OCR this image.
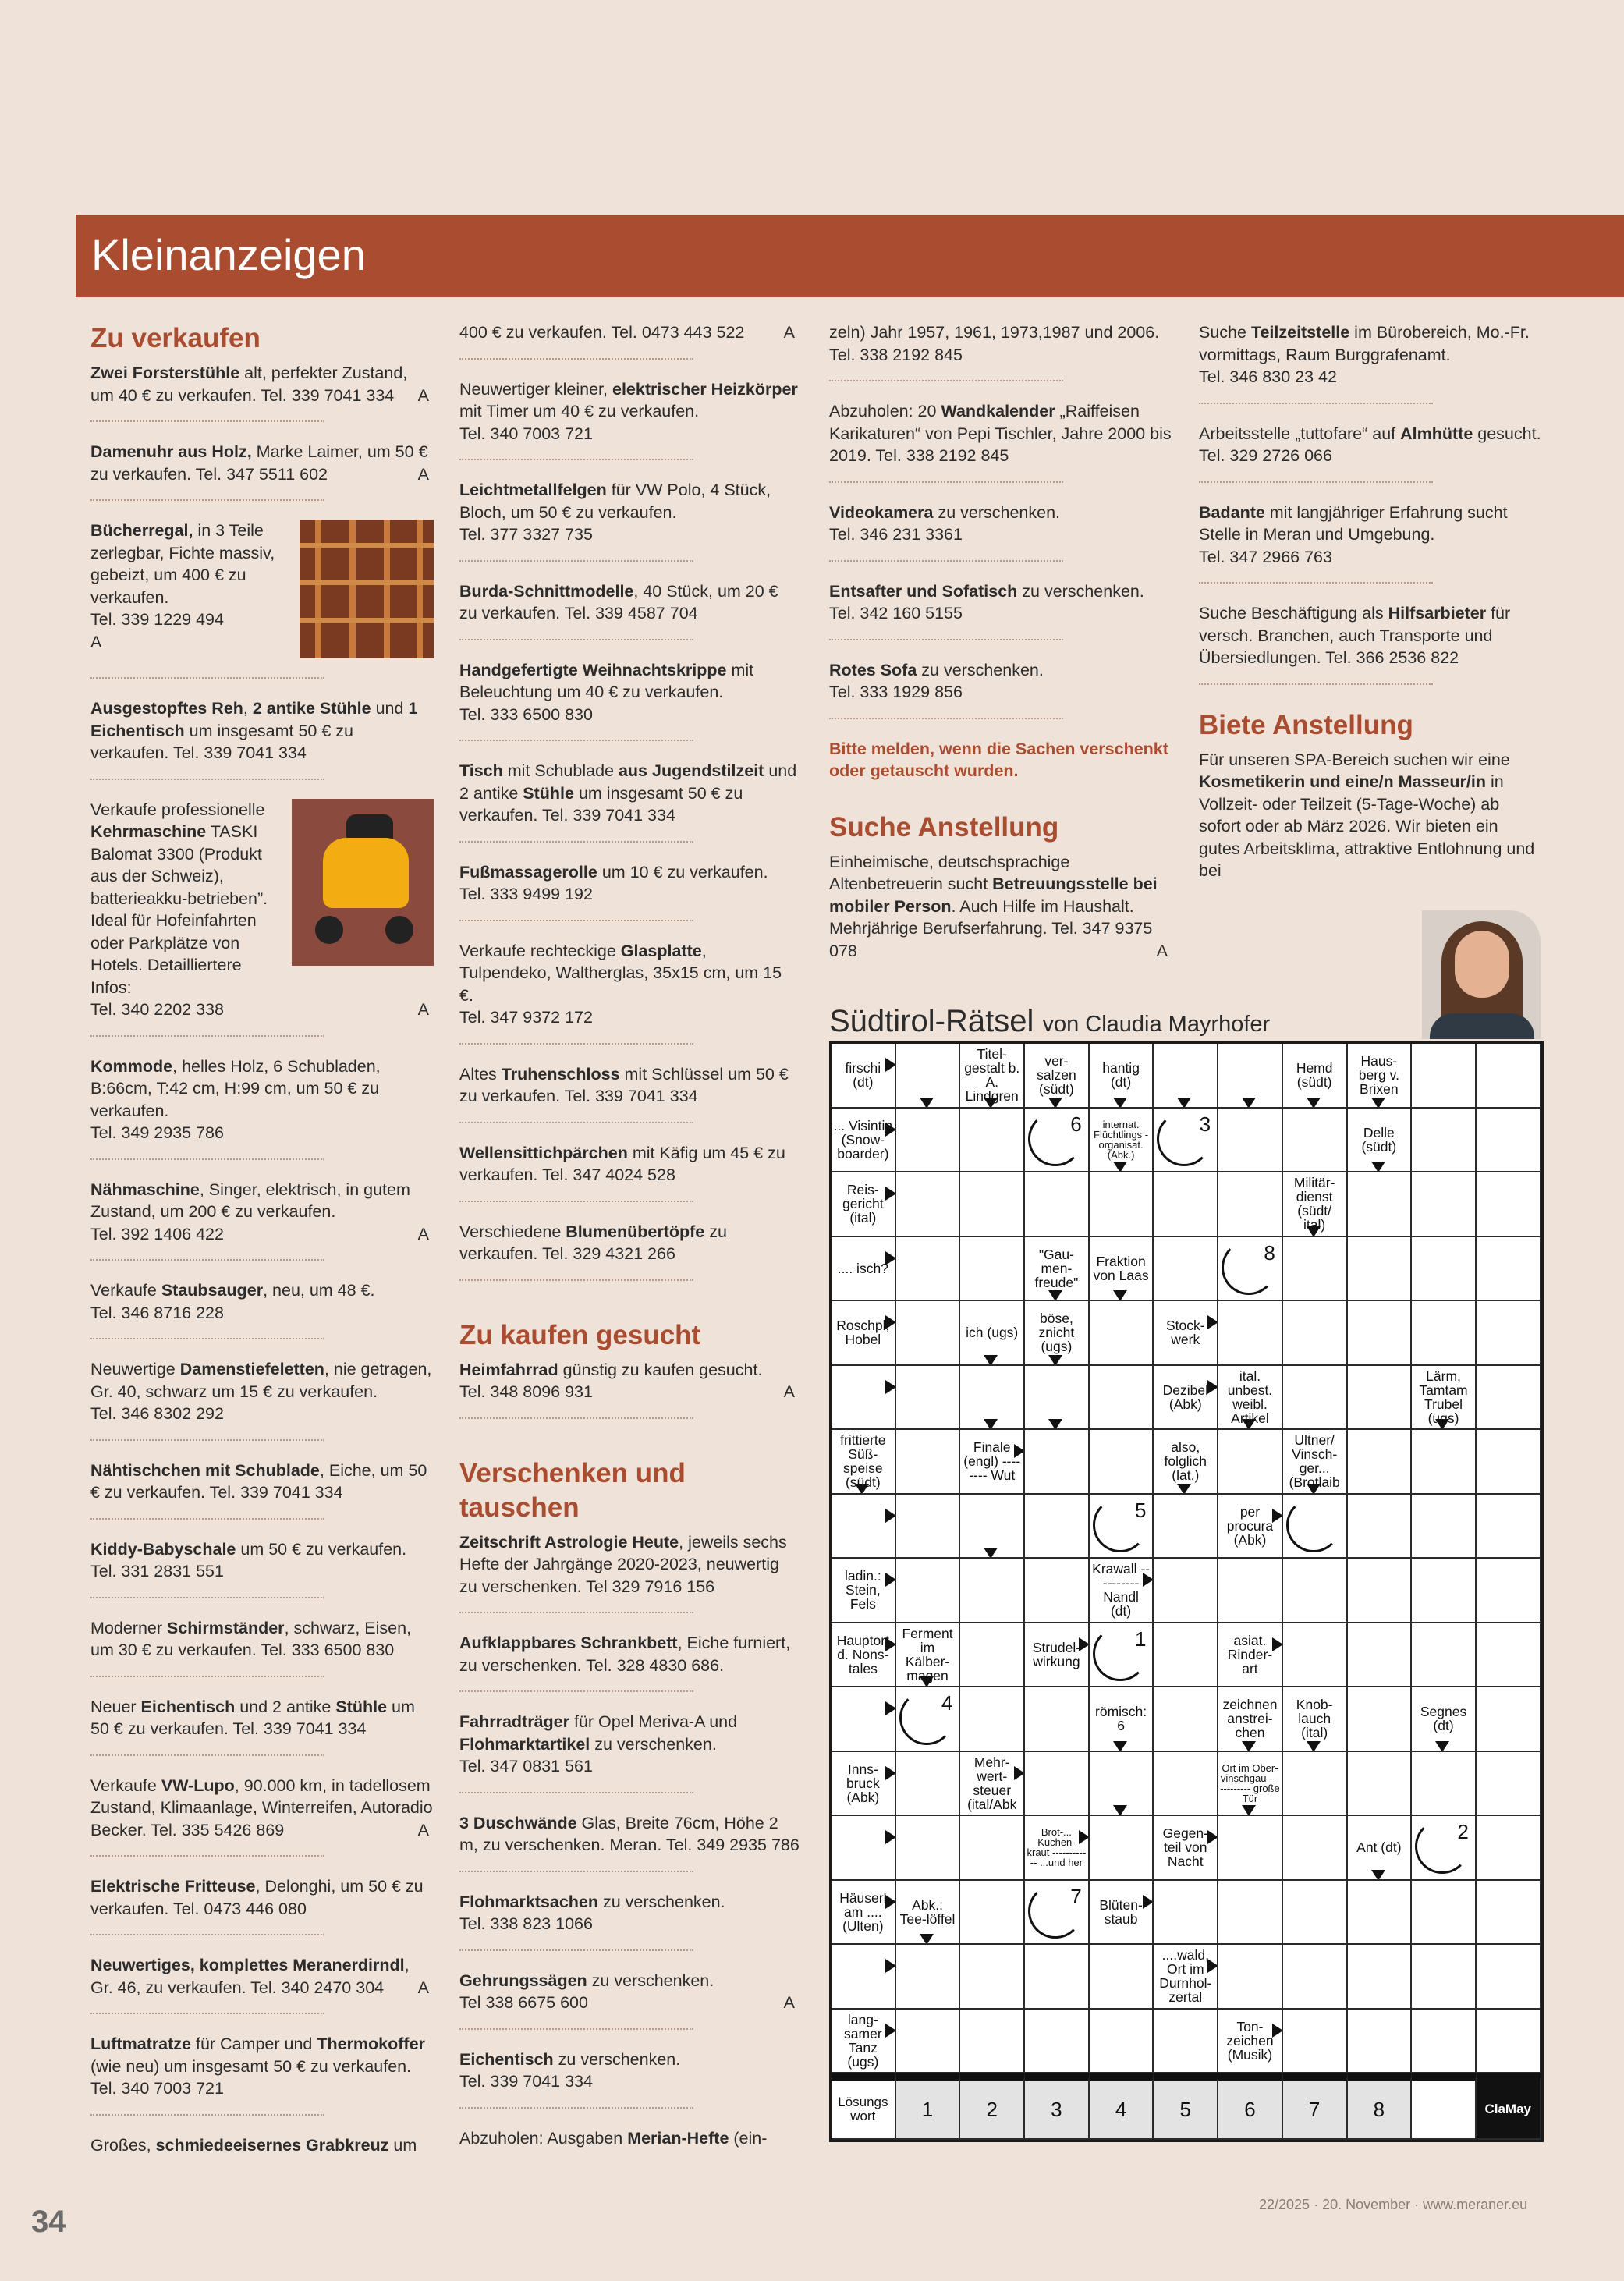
Kleinanzeigen
Zu verkaufen

Zwei Forsterstühle alt, perfekter Zustand, um 40 € zu verkaufen. Tel. 339 7041 334	A

Damenuhr aus Holz, Marke Laimer, um 50 € zu verkaufen. Tel. 347 5511 602	A

Bücherregal, in 3 Teile zerlegbar, Fichte massiv, gebeizt, um 400 € zu verkaufen.
Tel. 339 1229 494
A

Ausgestopftes Reh, 2 antike Stühle und 1 Eichentisch um insgesamt 50 € zu verkaufen. Tel. 339 7041 334

Verkaufe professionelle Kehrmaschine TASKI Balomat 3300 (Produkt aus der Schweiz), batterieakku-betrieben”. Ideal für Hofeinfahrten oder Parkplätze von Hotels. Detailliertere Infos:
Tel. 340 2202 338	A

Kommode, helles Holz, 6 Schubladen, B:66cm, T:42 cm, H:99 cm, um 50 € zu verkaufen.
Tel. 349 2935 786

Nähmaschine, Singer, elektrisch, in gutem Zustand, um 200 € zu verkaufen.
Tel. 392 1406 422	A

Verkaufe Staubsauger, neu, um 48 €.
Tel. 346 8716 228

Neuwertige Damenstiefeletten, nie getragen, Gr. 40, schwarz um 15 € zu verkaufen.
Tel. 346 8302 292

Nähtischchen mit Schublade, Eiche, um 50 € zu verkaufen. Tel. 339 7041 334

Kiddy-Babyschale um 50 € zu verkaufen.
Tel. 331 2831 551

Moderner Schirmständer, schwarz, Eisen, um 30 € zu verkaufen. Tel. 333 6500 830

Neuer Eichentisch und 2 antike Stühle um 50 € zu verkaufen. Tel. 339 7041 334

Verkaufe VW-Lupo, 90.000 km, in tadellosem Zustand, Klimaanlage, Winterreifen, Autoradio Becker. Tel. 335 5426 869	A

Elektrische Fritteuse, Delonghi, um 50 € zu verkaufen. Tel. 0473 446 080

Neuwertiges, komplettes Meranerdirndl, Gr. 46, zu verkaufen. Tel. 340 2470 304	A

Luftmatratze für Camper und Thermokoffer (wie neu) um insgesamt 50 € zu verkaufen.
Tel. 340 7003 721

Großes, schmiedeeisernes Grabkreuz um

400 € zu verkaufen. Tel. 0473 443 522	A

Neuwertiger kleiner, elektrischer Heizkörper mit Timer um 40 € zu verkaufen.
Tel. 340 7003 721

Leichtmetallfelgen für VW Polo, 4 Stück, Bloch, um 50 € zu verkaufen.
Tel. 377 3327 735

Burda-Schnittmodelle, 40 Stück, um 20 € zu verkaufen. Tel. 339 4587 704

Handgefertigte Weihnachtskrippe mit Beleuchtung um 40 € zu verkaufen.
Tel. 333 6500 830

Tisch mit Schublade aus Jugendstilzeit und 2 antike Stühle um insgesamt 50 € zu verkaufen. Tel. 339 7041 334

Fußmassagerolle um 10 € zu verkaufen.
Tel. 333 9499 192

Verkaufe rechteckige Glasplatte, Tulpendeko, Waltherglas, 35x15 cm, um 15 €.
Tel. 347 9372 172

Altes Truhenschloss mit Schlüssel um 50 € zu verkaufen. Tel. 339 7041 334

Wellensittichpärchen mit Käfig um 45 € zu verkaufen. Tel. 347 4024 528

Verschiedene Blumenübertöpfe zu verkaufen. Tel. 329 4321 266

Zu kaufen gesucht

Heimfahrrad günstig zu kaufen gesucht.
Tel. 348 8096 931	A
Verschenken und tauschen

Zeitschrift Astrologie Heute, jeweils sechs Hefte der Jahrgänge 2020-2023, neuwertig zu verschenken. Tel 329 7916 156

Aufklappbares Schrankbett, Eiche furniert, zu verschenken. Tel. 328 4830 686.

Fahrradträger für Opel Meriva-A und Flohmarktartikel zu verschenken.
Tel. 347 0831 561

3 Duschwände Glas, Breite 76cm, Höhe 2 m, zu verschenken. Meran. Tel. 349 2935 786

Flohmarktsachen zu verschenken.
Tel. 338 823 1066

Gehrungssägen zu verschenken.
Tel 338 6675 600	A

Eichentisch zu verschenken.
Tel. 339 7041 334

Abzuholen: Ausgaben Merian-Hefte (ein-

zeln) Jahr 1957, 1961, 1973,1987 und 2006.
Tel. 338 2192 845

Abzuholen: 20 Wandkalender „Raiffeisen Karikaturen“ von Pepi Tischler, Jahre 2000 bis 2019. Tel. 338 2192 845

Videokamera zu verschenken.
Tel. 346 231 3361

Entsafter und Sofatisch zu verschenken.
Tel. 342 160 5155

Rotes Sofa zu verschenken.
Tel. 333 1929 856

Bitte melden, wenn die Sachen verschenkt oder getauscht wurden.

Suche Anstellung

Einheimische, deutschsprachige Altenbetreuerin sucht Betreuungsstelle bei mobiler Person. Auch Hilfe im Haushalt. Mehrjährige Berufserfahrung. Tel. 347 9375 078	A

Suche Teilzeitstelle im Bürobereich, Mo.-Fr. vormittags, Raum Burggrafenamt.
Tel. 346 830 23 42

Arbeitsstelle „tuttofare“ auf Almhütte gesucht. Tel. 329 2726 066

Badante mit langjähriger Erfahrung sucht Stelle in Meran und Umgebung.
Tel. 347 2966 763

Suche Beschäftigung als Hilfsarbieter für versch. Branchen, auch Transporte und Übersiedlungen. Tel. 366 2536 822

Biete Anstellung

Für unseren SPA-Bereich suchen wir eine Kosmetikerin und eine/n Masseur/in in Vollzeit- oder Teilzeit (5-Tage-Woche) ab sofort oder ab März 2026. Wir bieten ein gutes Arbeitsklima, attraktive Entlohnung und bei

Südtirol-Rätsel von Claudia Mayrhofer
firschi (dt)
Titel-gestalt b. A. Lindgren
ver-salzen (südt)
hantig (dt)
Hemd (südt)
Haus-berg v. Brixen
... Visintin (Snow-boarder)
6	internat. Flüchtlings -organisat. (Abk.)
3	Delle (südt)
Reis-gericht (ital)
Militär-dienst (südt/ ital)
.... isch?
"Gau-men-freude"
Fraktion von Laas
8
Roschpl, Hobel	ich (ugs)
böse, znicht (ugs)
Stock-werk
Dezibel (Abk)
ital. unbest. weibl. Artikel
Lärm, Tamtam Trubel (ugs)
frittierte Süß-speise (südt)
Finale (engl) -------- Wut
also, folglich (lat.)
Ultner/ Vinsch-ger... (Brotlaib
5	per procura (Abk)
ladin.: Stein, Fels
Krawall ---------- Nandl (dt)
Hauptort d. Nons-tales
Ferment im Kälber-magen
Strudel-wirkung
1	asiat. Rinder-art
4	römisch: 6
zeichnen anstrei-chen
Knob-lauch (ital)
Segnes (dt)
Inns-bruck (Abk)
Mehr-wert-steuer (ital/Abk
Ort im Ober-vinschgau ------------ große Tür
Brot-... Küchen-kraut ------------ ...und her
Gegen-teil von Nacht
Ant (dt)
2
Häuserl am .... (Ulten)
Abk.: Tee-löffel
7	Blüten-staub
....wald, Ort im Durnhol-zertal
lang-samer Tanz (ugs)
Ton-zeichen (Musik)
Lösungs wort	1	2	3	4	5	6	7	8	ClaMay
22/2025 · 20. November · www.meraner.eu
34
